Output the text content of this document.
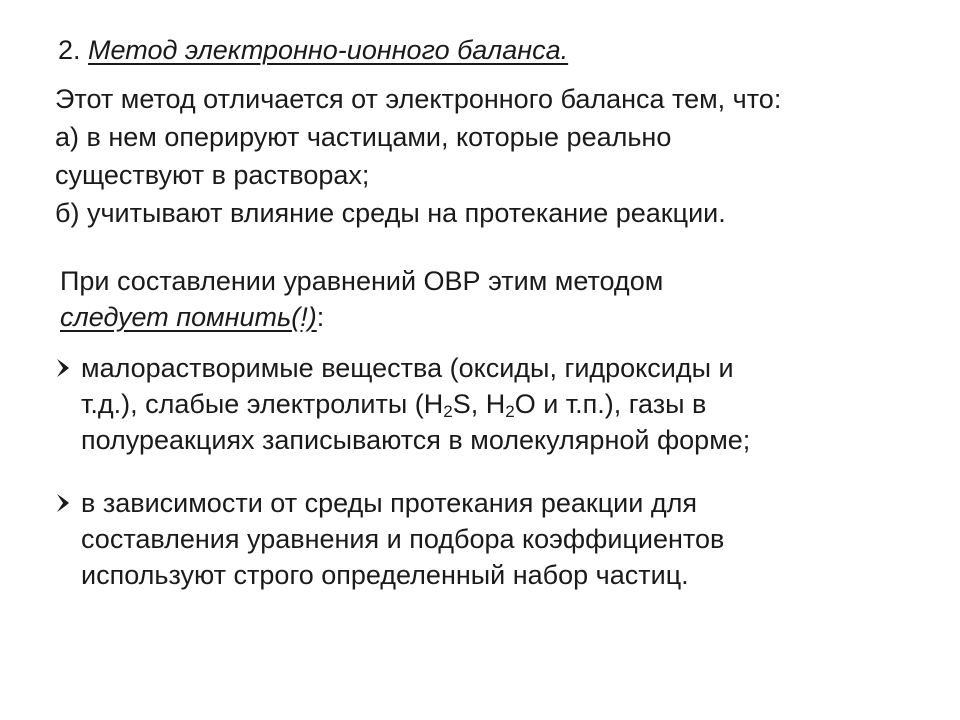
2. Метод электронно-ионного баланса.

Этот метод отличается от электронного баланса тем, что:

а) в нем оперируют частицами, которые реально

существуют в растворах;

б) учитывают влияние среды на протекание реакции.

При составлении уравнений ОВР этим методом

следует помнить(!):

малорастворимые вещества (оксиды, гидроксиды и
т.д.), слабые электролиты ($H_2S$, $H_2O$ и т.п.), газы в
полуреакциях записываются в молекулярной форме;
в зависимости от среды протекания реакции для
составления уравнения и подбора коэффициентов
используют строго определенный набор частиц.
